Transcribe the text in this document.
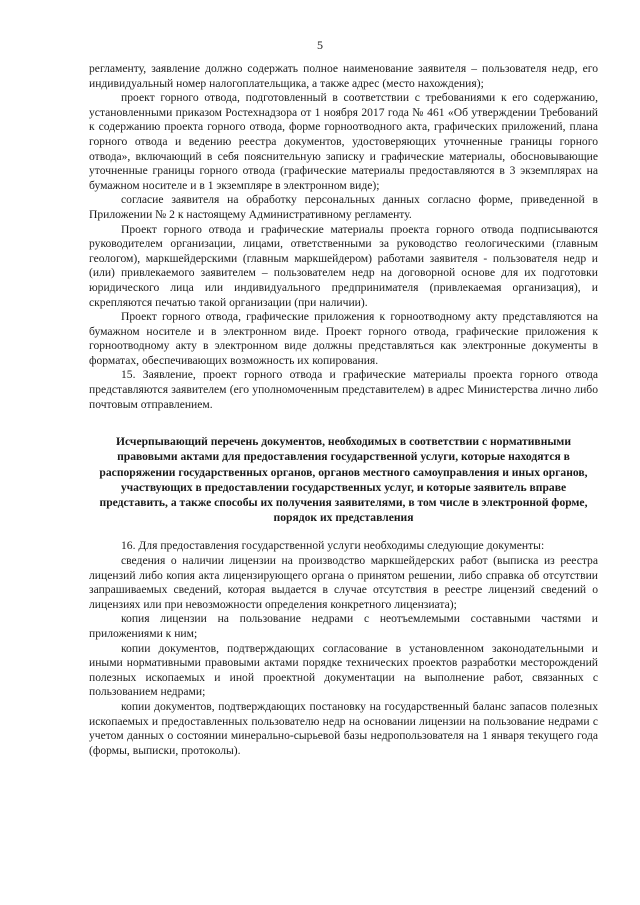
5

регламенту, заявление должно содержать полное наименование заявителя – пользователя недр, его индивидуальный номер налогоплательщика, а также адрес (место нахождения);

проект горного отвода, подготовленный в соответствии с требованиями к его содержанию, установленными приказом Ростехнадзора от 1 ноября 2017 года № 461 «Об утверждении Требований к содержанию проекта горного отвода, форме горноотводного акта, графических приложений, плана горного отвода и ведению реестра документов, удостоверяющих уточненные границы горного отвода», включающий в себя пояснительную записку и графические материалы, обосновывающие уточненные границы горного отвода (графические материалы предоставляются в 3 экземплярах на бумажном носителе и в 1 экземпляре в электронном виде);

согласие заявителя на обработку персональных данных согласно форме, приведенной в Приложении № 2 к настоящему Административному регламенту.

Проект горного отвода и графические материалы проекта горного отвода подписываются руководителем организации, лицами, ответственными за руководство геологическими (главным геологом), маркшейдерскими (главным маркшейдером) работами заявителя - пользователя недр и (или) привлекаемого заявителем – пользователем недр на договорной основе для их подготовки юридического лица или индивидуального предпринимателя (привлекаемая организация), и скрепляются печатью такой организации (при наличии).

Проект горного отвода, графические приложения к горноотводному акту представляются на бумажном носителе и в электронном виде. Проект горного отвода, графические приложения к горноотводному акту в электронном виде должны представляться как электронные документы в форматах, обеспечивающих возможность их копирования.

15. Заявление, проект горного отвода и графические материалы проекта горного отвода представляются заявителем (его уполномоченным представителем) в адрес Министерства лично либо почтовым отправлением.

Исчерпывающий перечень документов, необходимых в соответствии с нормативными правовыми актами для предоставления государственной услуги, которые находятся в распоряжении государственных органов, органов местного самоуправления и иных органов, участвующих в предоставлении государственных услуг, и которые заявитель вправе представить, а также способы их получения заявителями, в том числе в электронной форме, порядок их представления

16. Для предоставления государственной услуги необходимы следующие документы:

сведения о наличии лицензии на производство маркшейдерских работ (выписка из реестра лицензий либо копия акта лицензирующего органа о принятом решении, либо справка об отсутствии запрашиваемых сведений, которая выдается в случае отсутствия в реестре лицензий сведений о лицензиях или при невозможности определения конкретного лицензиата);

копия лицензии на пользование недрами с неотъемлемыми составными частями и приложениями к ним;

копии документов, подтверждающих согласование в установленном законодательными и иными нормативными правовыми актами порядке технических проектов разработки месторождений полезных ископаемых и иной проектной документации на выполнение работ, связанных с пользованием недрами;

копии документов, подтверждающих постановку на государственный баланс запасов полезных ископаемых и предоставленных пользователю недр на основании лицензии на пользование недрами с учетом данных о состоянии минерально-сырьевой базы недропользователя на 1 января текущего года (формы, выписки, протоколы).
